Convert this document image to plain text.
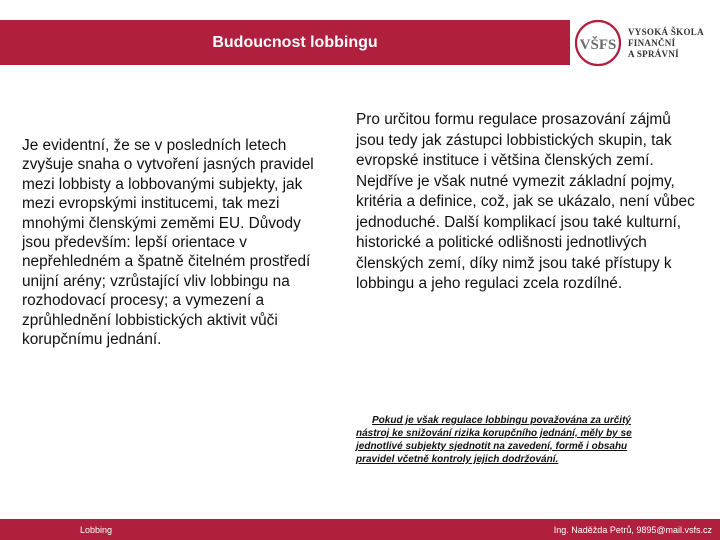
Budoucnost lobbingu	VŠFS
VYSOKÁ ŠKOLA
FINANČNÍ
A SPRÁVNÍ
Je evidentní, že se v posledních letech zvyšuje snaha o vytvoření jasných pravidel mezi lobbisty a lobbovanými subjekty, jak mezi evropskými institucemi, tak mezi mnohými členskými zeměmi EU. Důvody jsou především: lepší orientace v nepřehledném a špatně čitelném prostředí unijní arény; vzrůstající vliv lobbingu na rozhodovací procesy; a vymezení a zprůhlednění lobbistických aktivit vůči korupčnímu jednání.
Pro určitou formu regulace prosazování zájmů jsou tedy jak zástupci lobbistických skupin, tak evropské instituce i většina členských zemí. Nejdříve je však nutné vymezit základní pojmy, kritéria a definice, což, jak se ukázalo, není vůbec jednoduché. Další komplikací jsou také kulturní, historické a politické odlišnosti jednotlivých členských zemí, díky nimž jsou také přístupy k lobbingu a jeho regulaci zcela rozdílné.
Pokud je však regulace lobbingu považována za určitý nástroj ke snižování rizika korupčního jednání, měly by se jednotlivé subjekty sjednotit na zavedení, formě i obsahu pravidel včetně kontroly jejich dodržování.
Lobbing	Ing. Naděžda Petrů, 9895@mail.vsfs.cz
